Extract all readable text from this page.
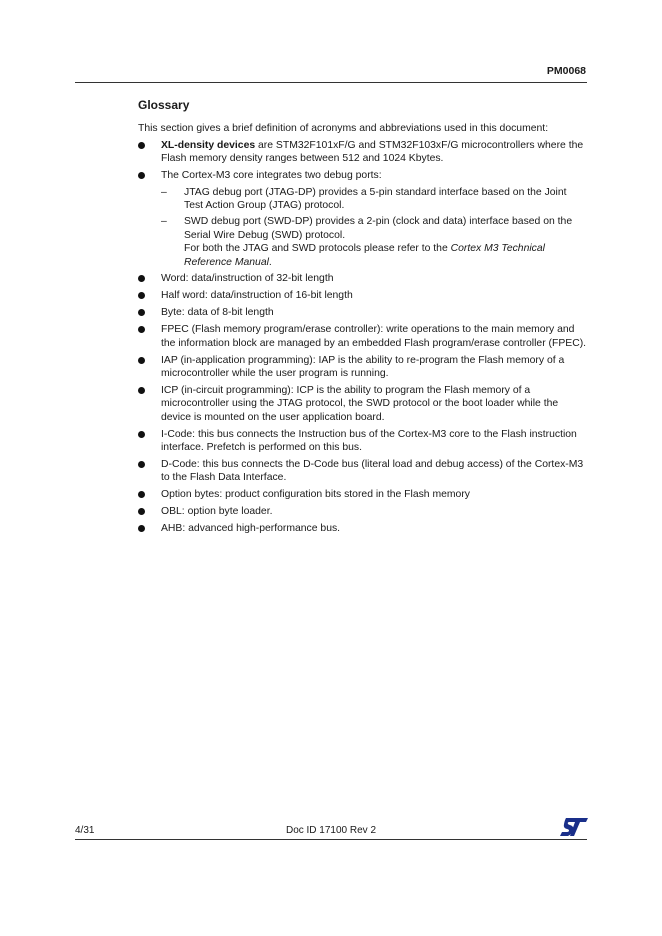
PM0068
Glossary
This section gives a brief definition of acronyms and abbreviations used in this document:
XL-density devices are STM32F101xF/G and STM32F103xF/G microcontrollers where the Flash memory density ranges between 512 and 1024 Kbytes.
The Cortex-M3 core integrates two debug ports:
– JTAG debug port (JTAG-DP) provides a 5-pin standard interface based on the Joint Test Action Group (JTAG) protocol.
– SWD debug port (SWD-DP) provides a 2-pin (clock and data) interface based on the Serial Wire Debug (SWD) protocol.
For both the JTAG and SWD protocols please refer to the Cortex M3 Technical Reference Manual.
Word: data/instruction of 32-bit length
Half word: data/instruction of 16-bit length
Byte: data of 8-bit length
FPEC (Flash memory program/erase controller): write operations to the main memory and the information block are managed by an embedded Flash program/erase controller (FPEC).
IAP (in-application programming): IAP is the ability to re-program the Flash memory of a microcontroller while the user program is running.
ICP (in-circuit programming): ICP is the ability to program the Flash memory of a microcontroller using the JTAG protocol, the SWD protocol or the boot loader while the device is mounted on the user application board.
I-Code: this bus connects the Instruction bus of the Cortex-M3 core to the Flash instruction interface. Prefetch is performed on this bus.
D-Code: this bus connects the D-Code bus (literal load and debug access) of the Cortex-M3 to the Flash Data Interface.
Option bytes: product configuration bits stored in the Flash memory
OBL: option byte loader.
AHB: advanced high-performance bus.
4/31	Doc ID 17100 Rev 2
